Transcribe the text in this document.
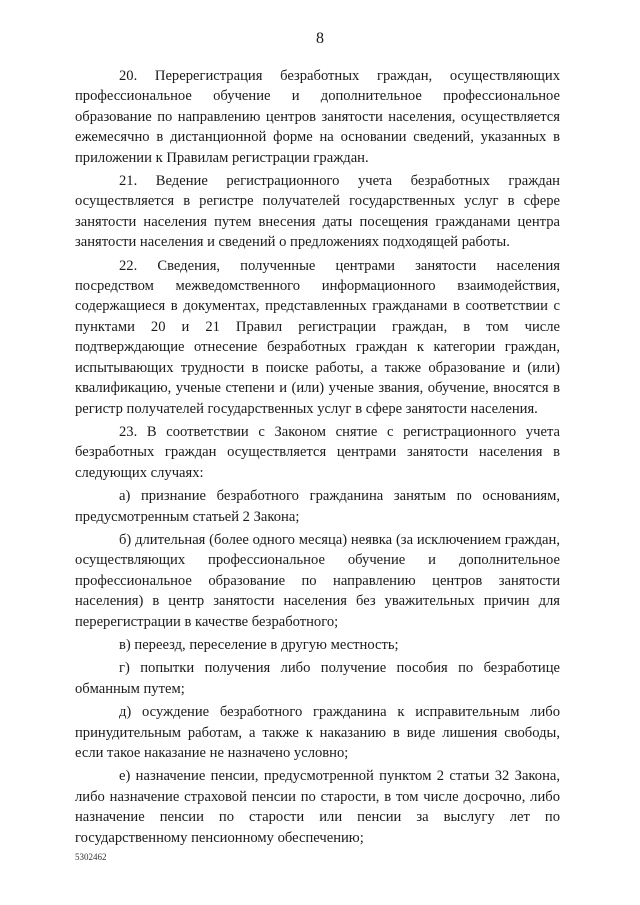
8

20. Перерегистрация безработных граждан, осуществляющих профессиональное обучение и дополнительное профессиональное образование по направлению центров занятости населения, осуществляется ежемесячно в дистанционной форме на основании сведений, указанных в приложении к Правилам регистрации граждан.

21. Ведение регистрационного учета безработных граждан осуществляется в регистре получателей государственных услуг в сфере занятости населения путем внесения даты посещения гражданами центра занятости населения и сведений о предложениях подходящей работы.

22. Сведения, полученные центрами занятости населения посредством межведомственного информационного взаимодействия, содержащиеся в документах, представленных гражданами в соответствии с пунктами 20 и 21 Правил регистрации граждан, в том числе подтверждающие отнесение безработных граждан к категории граждан, испытывающих трудности в поиске работы, а также образование и (или) квалификацию, ученые степени и (или) ученые звания, обучение, вносятся в регистр получателей государственных услуг в сфере занятости населения.

23. В соответствии с Законом снятие с регистрационного учета безработных граждан осуществляется центрами занятости населения в следующих случаях:

а) признание безработного гражданина занятым по основаниям, предусмотренным статьей 2 Закона;

б) длительная (более одного месяца) неявка (за исключением граждан, осуществляющих профессиональное обучение и дополнительное профессиональное образование по направлению центров занятости населения) в центр занятости населения без уважительных причин для перерегистрации в качестве безработного;

в) переезд, переселение в другую местность;

г) попытки получения либо получение пособия по безработице обманным путем;

д) осуждение безработного гражданина к исправительным либо принудительным работам, а также к наказанию в виде лишения свободы, если такое наказание не назначено условно;

е) назначение пенсии, предусмотренной пунктом 2 статьи 32 Закона, либо назначение страховой пенсии по старости, в том числе досрочно, либо назначение пенсии по старости или пенсии за выслугу лет по государственному пенсионному обеспечению;

5302462
